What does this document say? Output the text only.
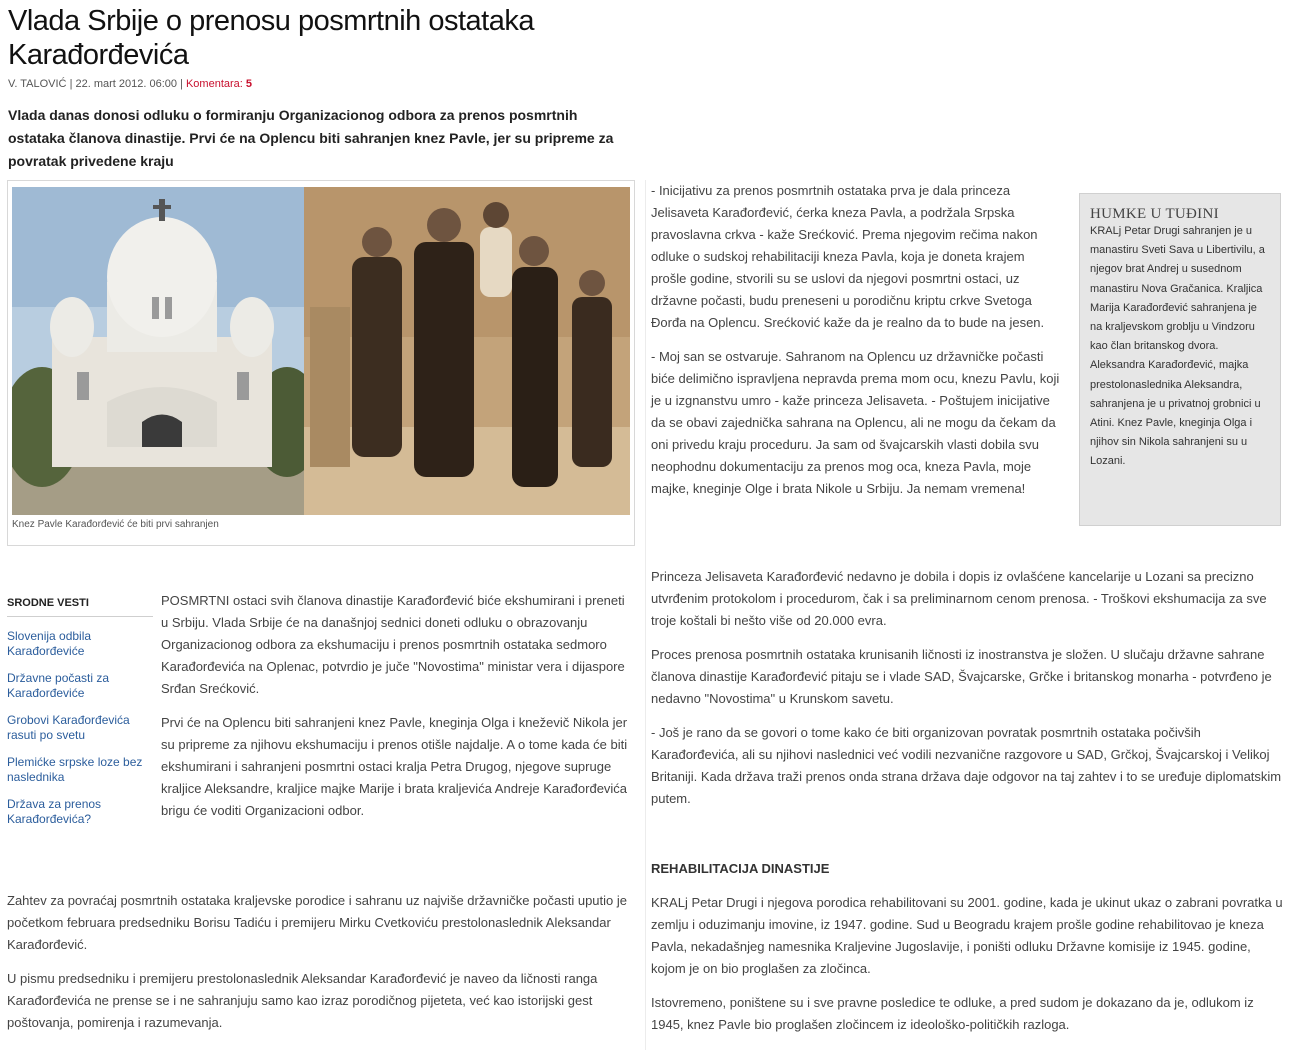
Vlada Srbije o prenosu posmrtnih ostataka Karađorđevića
V. TALOVIĆ | 22. mart 2012. 06:00 | Komentara: 5

Vlada danas donosi odluku o formiranju Organizacionog odbora za prenos posmrtnih ostataka članova dinastije. Prvi će na Oplencu biti sahranjen knez Pavle, jer su pripreme za povratak privedene kraju

Knez Pavle Karađorđević će biti prvi sahranjen
SRODNE VESTI
Slovenija odbila Karađorđeviće
Državne počasti za Karađorđeviće
Grobovi Karađorđevića rasuti po svetu
Plemićke srpske loze bez naslednika
Država za prenos Karađorđevića?

POSMRTNI ostaci svih članova dinastije Karađorđević biće ekshumirani i preneti u Srbiju. Vlada Srbije će na današnjoj sednici doneti odluku o obrazovanju Organizacionog odbora za ekshumaciju i prenos posmrtnih ostataka sedmoro Karađorđevića na Oplenac, potvrdio je juče "Novostima" ministar vera i dijaspore Srđan Srećković.

Prvi će na Oplencu biti sahranjeni knez Pavle, kneginja Olga i kneževič Nikola jer su pripreme za njihovu ekshumaciju i prenos otišle najdalje. A o tome kada će biti ekshumirani i sahranjeni posmrtni ostaci kralja Petra Drugog, njegove supruge kraljice Aleksandre, kraljice majke Marije i brata kraljevića Andreje Karađorđevića brigu će voditi Organizacioni odbor.

Zahtev za povraćaj posmrtnih ostataka kraljevske porodice i sahranu uz najviše državničke počasti uputio je početkom februara predsedniku Borisu Tadiću i premijeru Mirku Cvetkoviću prestolonaslednik Aleksandar Karađorđević.

U pismu predsedniku i premijeru prestolonaslednik Aleksandar Karađorđević je naveo da ličnosti ranga Karađorđevića ne prense se i ne sahranjuju samo kao izraz porodičnog pijeteta, već kao istorijski gest poštovanja, pomirenja i razumevanja.

- Inicijativu za prenos posmrtnih ostataka prva je dala princeza Jelisaveta Karađorđević, ćerka kneza Pavla, a podržala Srpska pravoslavna crkva - kaže Srećković. Prema njegovim rečima nakon odluke o sudskoj rehabilitaciji kneza Pavla, koja je doneta krajem prošle godine, stvorili su se uslovi da njegovi posmrtni ostaci, uz državne počasti, budu preneseni u porodičnu kriptu crkve Svetoga Đorđa na Oplencu. Srećković kaže da je realno da to bude na jesen.

- Moj san se ostvaruje. Sahranom na Oplencu uz državničke počasti biće delimično ispravljena nepravda prema mom ocu, knezu Pavlu, koji je u izgnanstvu umro - kaže princeza Jelisaveta. - Poštujem inicijative da se obavi zajednička sahrana na Oplencu, ali ne mogu da čekam da oni privedu kraju proceduru. Ja sam od švajcarskih vlasti dobila svu neophodnu dokumentaciju za prenos mog oca, kneza Pavla, moje majke, kneginje Olge i brata Nikole u Srbiju. Ja nemam vremena!

HUMKE U TUĐINI

KRALj Petar Drugi sahranjen je u manastiru Sveti Sava u Libertivilu, a njegov brat Andrej u susednom manastiru Nova Gračanica. Kraljica Marija Karađorđević sahranjena je na kraljevskom groblju u Vindzoru kao član britanskog dvora. Aleksandra Karađorđević, majka prestolonaslednika Aleksandra, sahranjena je u privatnoj grobnici u Atini. Knez Pavle, kneginja Olga i njihov sin Nikola sahranjeni su u Lozani.

Princeza Jelisaveta Karađorđević nedavno je dobila i dopis iz ovlašćene kancelarije u Lozani sa precizno utvrđenim protokolom i procedurom, čak i sa preliminarnom cenom prenosa. - Troškovi ekshumacija za sve troje koštali bi nešto više od 20.000 evra.

Proces prenosa posmrtnih ostataka krunisanih ličnosti iz inostranstva je složen. U slučaju državne sahrane članova dinastije Karađorđević pitaju se i vlade SAD, Švajcarske, Grčke i britanskog monarha - potvrđeno je nedavno "Novostima" u Krunskom savetu.

- Još je rano da se govori o tome kako će biti organizovan povratak posmrtnih ostataka počivših Karađorđevića, ali su njihovi naslednici već vodili nezvanične razgovore u SAD, Grčkoj, Švajcarskoj i Velikoj Britaniji. Kada država traži prenos onda strana država daje odgovor na taj zahtev i to se uređuje diplomatskim putem.

REHABILITACIJA DINASTIJE

KRALj Petar Drugi i njegova porodica rehabilitovani su 2001. godine, kada je ukinut ukaz o zabrani povratka u zemlju i oduzimanju imovine, iz 1947. godine. Sud u Beogradu krajem prošle godine rehabilitovao je kneza Pavla, nekadašnjeg namesnika Kraljevine Jugoslavije, i poništi odluku Državne komisije iz 1945. godine, kojom je on bio proglašen za zločinca.

Istovremeno, poništene su i sve pravne posledice te odluke, a pred sudom je dokazano da je, odlukom iz 1945, knez Pavle bio proglašen zločincem iz ideološko-političkih razloga.
